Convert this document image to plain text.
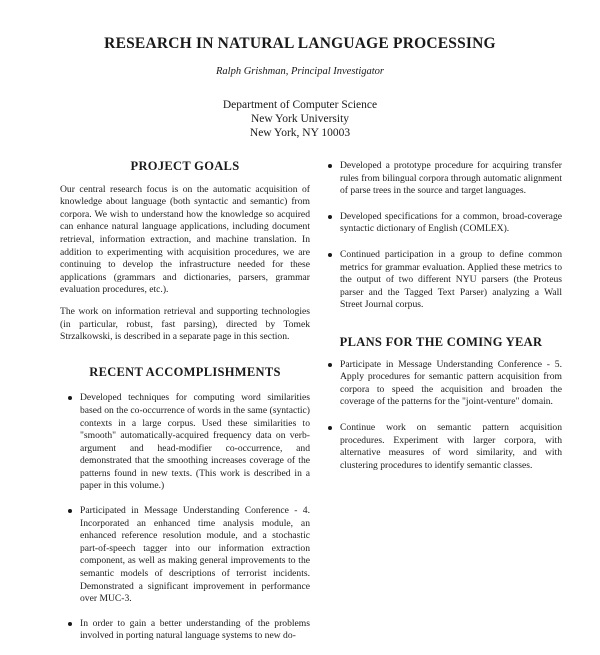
RESEARCH IN NATURAL LANGUAGE PROCESSING
Ralph Grishman, Principal Investigator
Department of Computer Science
New York University
New York, NY 10003
PROJECT GOALS

Our central research focus is on the automatic acquisition of knowledge about language (both syntactic and semantic) from corpora. We wish to understand how the knowledge so acquired can enhance natural language applications, including document retrieval, information extraction, and machine translation. In addition to experimenting with acquisition procedures, we are continuing to develop the infrastructure needed for these applications (grammars and dictionaries, parsers, grammar evaluation procedures, etc.).

The work on information retrieval and supporting technologies (in particular, robust, fast parsing), directed by Tomek Strzalkowski, is described in a separate page in this section.

RECENT ACCOMPLISHMENTS
Developed techniques for computing word similarities based on the co-occurrence of words in the same (syntactic) contexts in a large corpus. Used these similarities to "smooth" automatically-acquired frequency data on verb-argument and head-modifier co-occurrence, and demonstrated that the smoothing increases coverage of the patterns found in new texts. (This work is described in a paper in this volume.)
Participated in Message Understanding Conference - 4. Incorporated an enhanced time analysis module, an enhanced reference resolution module, and a stochastic part-of-speech tagger into our information extraction component, as well as making general improvements to the semantic models of descriptions of terrorist incidents. Demonstrated a significant improvement in performance over MUC-3.
In order to gain a better understanding of the problems involved in porting natural language systems to new do-
Developed a prototype procedure for acquiring transfer rules from bilingual corpora through automatic alignment of parse trees in the source and target languages.
Developed specifications for a common, broad-coverage syntactic dictionary of English (COMLEX).
Continued participation in a group to define common metrics for grammar evaluation. Applied these metrics to the output of two different NYU parsers (the Proteus parser and the Tagged Text Parser) analyzing a Wall Street Journal corpus.
PLANS FOR THE COMING YEAR
Participate in Message Understanding Conference - 5. Apply procedures for semantic pattern acquisition from corpora to speed the acquisition and broaden the coverage of the patterns for the "joint-venture" domain.
Continue work on semantic pattern acquisition procedures. Experiment with larger corpora, with alternative measures of word similarity, and with clustering procedures to identify semantic classes.
